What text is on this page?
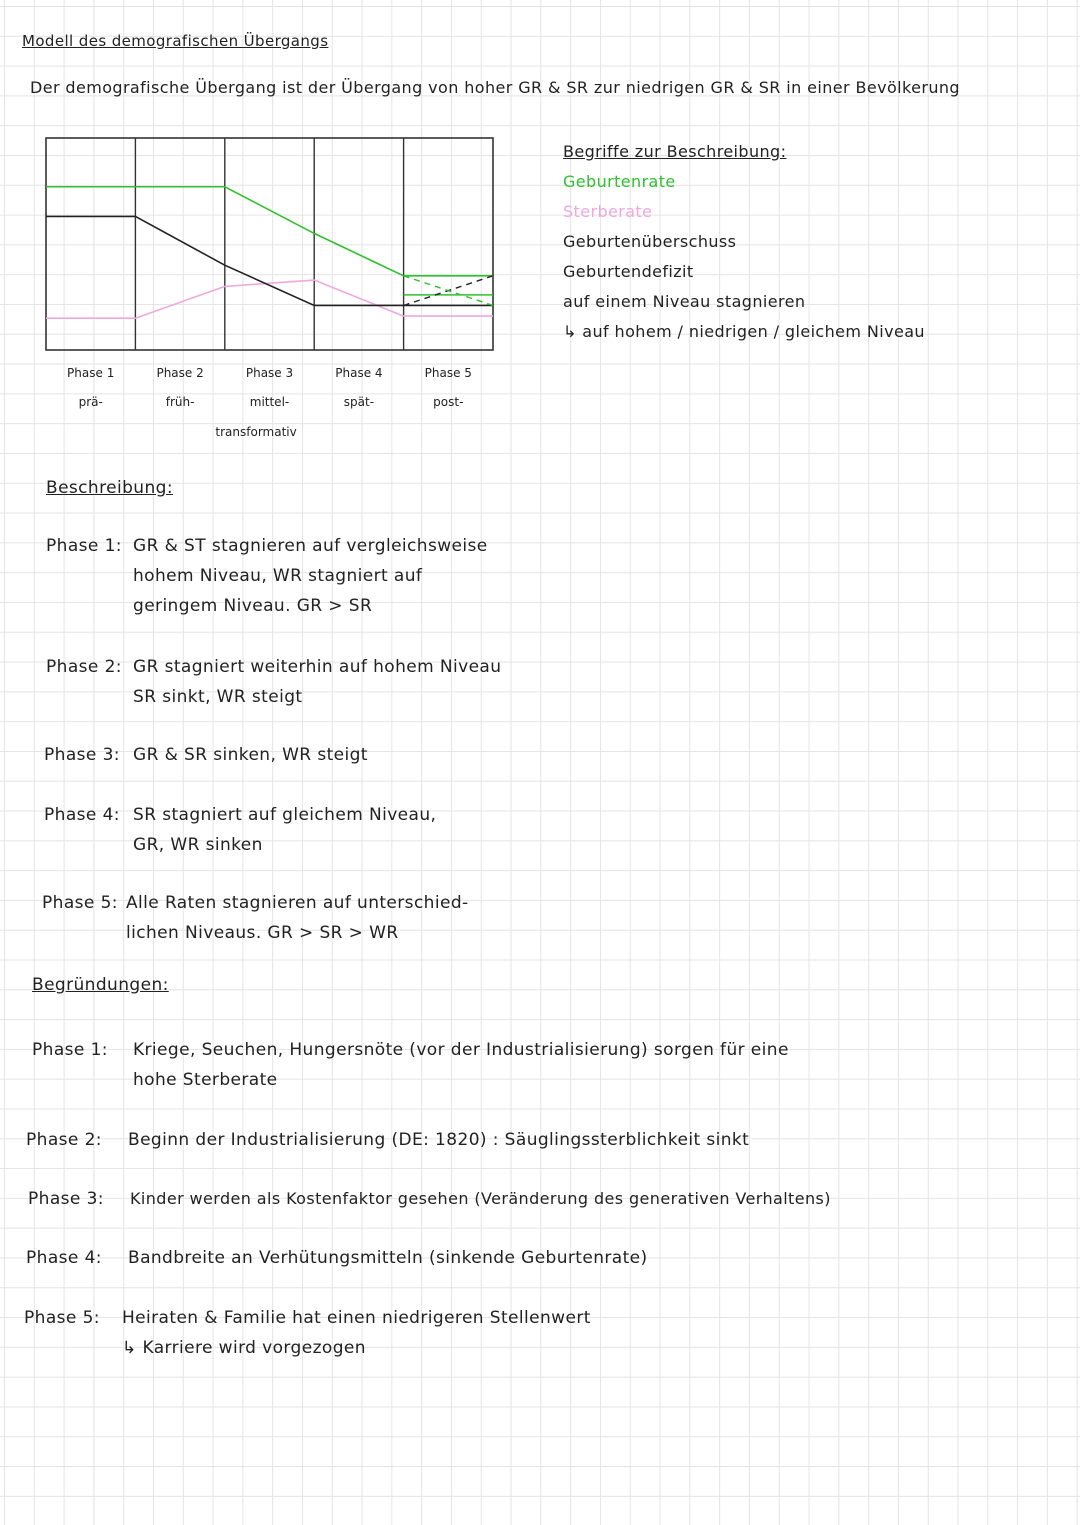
Modell des demografischen Übergangs
Der demografische Übergang ist der Übergang von hoher GR & SR zur niedrigen GR & SR in einer Bevölkerung
Phase 1
prä-
Phase 2
früh-
Phase 3
mittel-
Phase 4
spät-
Phase 5
post-
transformativ
Begriffe zur Beschreibung:
Geburtenrate
Sterberate
Geburtenüberschuss
Geburtendefizit
auf einem Niveau stagnieren
↳ auf hohem / niedrigen / gleichem Niveau
Beschreibung:
Phase 1: GR & ST stagnieren auf vergleichsweise
hohem Niveau, WR stagniert auf
geringem Niveau. GR > SR
Phase 2: GR stagniert weiterhin auf hohem Niveau
SR sinkt, WR steigt
Phase 3: GR & SR sinken, WR steigt
Phase 4: SR stagniert auf gleichem Niveau,
GR, WR sinken
Phase 5: Alle Raten stagnieren auf unterschied-
lichen Niveaus. GR > SR > WR
Begründungen:
Phase 1: Kriege, Seuchen, Hungersnöte (vor der Industrialisierung) sorgen für eine
hohe Sterberate
Phase 2: Beginn der Industrialisierung (DE: 1820) : Säuglingssterblichkeit sinkt
Phase 3: Kinder werden als Kostenfaktor gesehen (Veränderung des generativen Verhaltens)
Phase 4: Bandbreite an Verhütungsmitteln (sinkende Geburtenrate)
Phase 5: Heiraten & Familie hat einen niedrigeren Stellenwert
↳ Karriere wird vorgezogen
